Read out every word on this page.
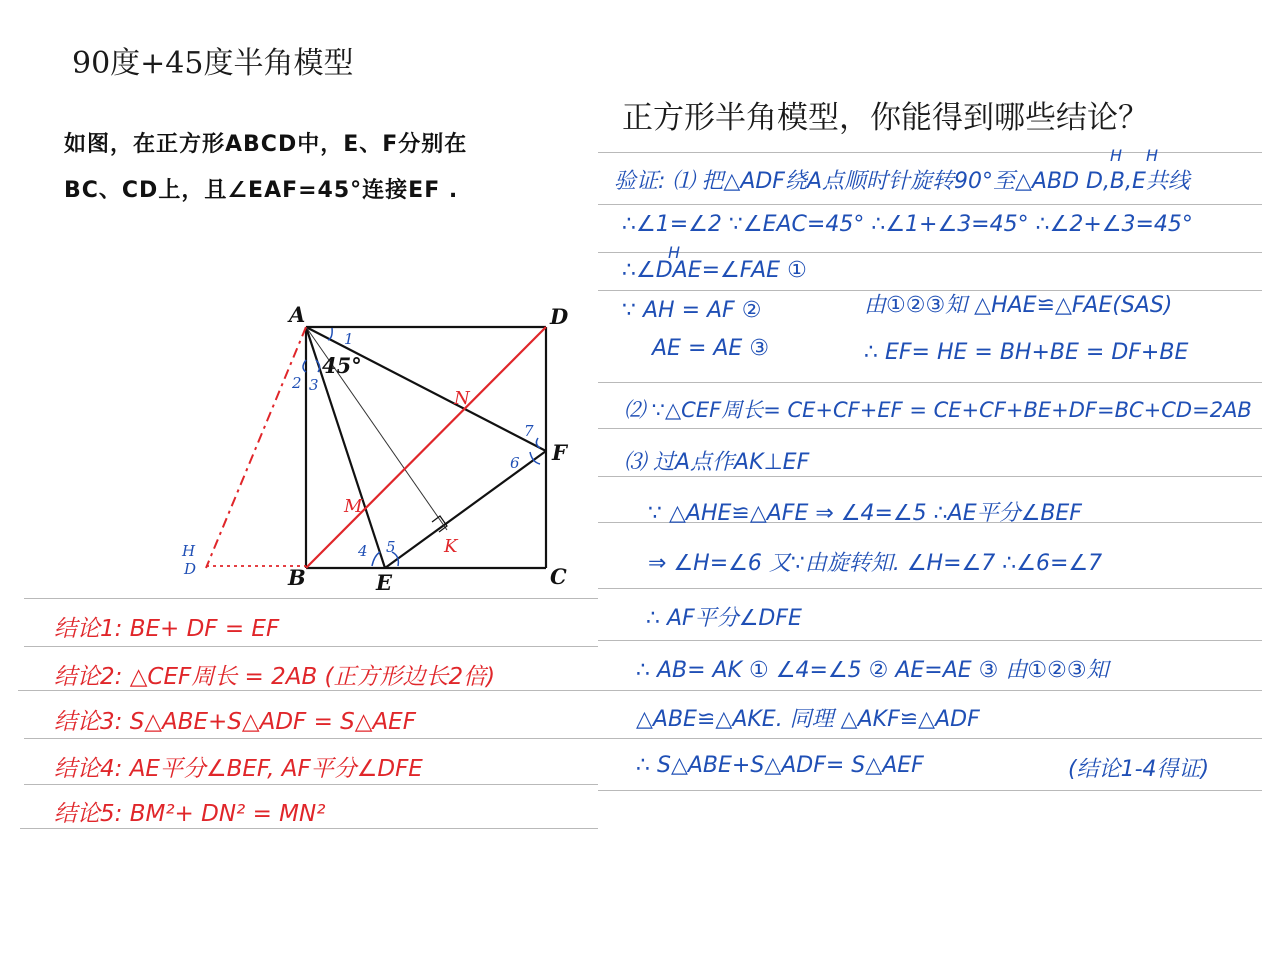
90度+45度半角模型
如图，在正方形ABCD中，E、F分别在
BC、CD上，且∠EAF=45°连接EF .
正方形半角模型，你能得到哪些结论？
A	D
B	E	C
F
45°
M
N
K
H
D
1
2 3
4 5
6
7
结论1: BE+ DF = EF
结论2: △CEF周长 = 2AB (正方形边长2倍)
结论3: S△ABE+S△ADF = S△AEF
结论4: AE平分∠BEF, AF平分∠DFE
结论5: BM²+ DN² = MN²
H H
验证: ⑴ 把△ADF绕A点顺时针旋转90°至△ABD D,B,E共线
∴∠1=∠2 ∵∠EAC=45° ∴∠1+∠3=45° ∴∠2+∠3=45°
H
∴∠DAE=∠FAE ①
∵ AH = AF ②	由①②③知 △HAE≌△FAE(SAS)
AE = AE ③	∴ EF= HE = BH+BE = DF+BE
⑵ ∵△CEF周长= CE+CF+EF = CE+CF+BE+DF=BC+CD=2AB
⑶ 过A点作AK⊥EF
∵ △AHE≌△AFE ⇒ ∠4=∠5 ∴AE平分∠BEF
⇒ ∠H=∠6 又∵由旋转知. ∠H=∠7 ∴∠6=∠7
∴ AF平分∠DFE
∴ AB= AK ① ∠4=∠5 ② AE=AE ③ 由①②③知
△ABE≌△AKE. 同理 △AKF≌△ADF
∴ S△ABE+S△ADF= S△AEF	(结论1-4得证)
